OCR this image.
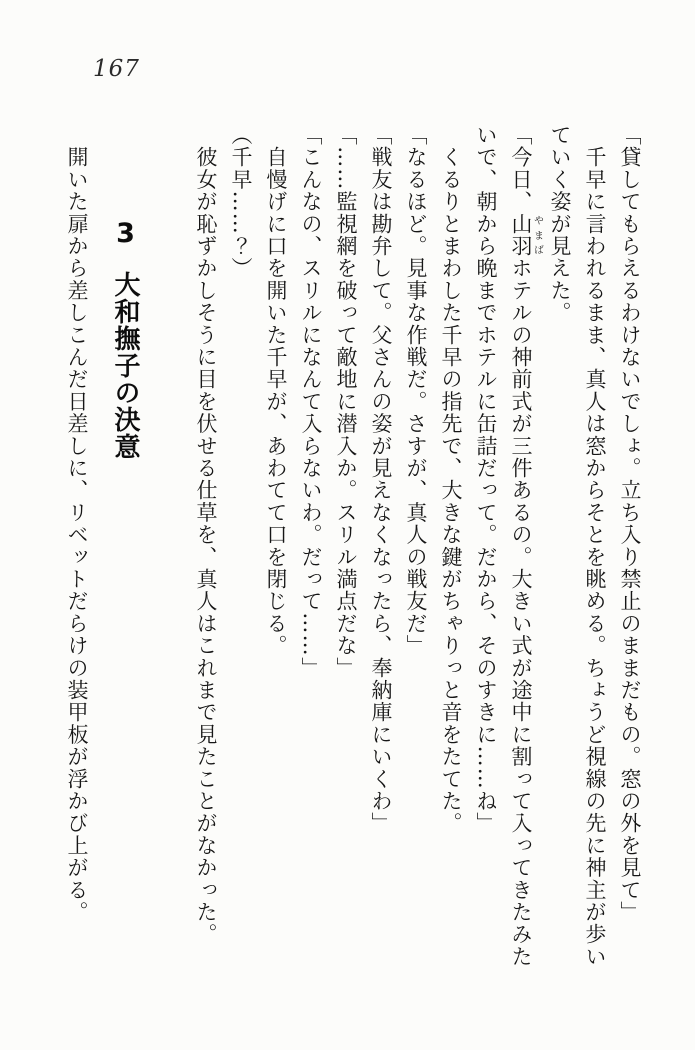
167

「貸してもらえるわけないでしょ。立ち入り禁止のままだもの。窓の外を見て」

　千早に言われるまま、真人は窓からそとを眺める。ちょうど視線の先に神主が歩い
ていく姿が見えた。

「今日、山羽やまばホテルの神前式が三件あるの。大きい式が途中に割って入ってきたみた
いで、朝から晩までホテルに缶詰だって。だから、そのすきに……ね」

　くるりとまわした千早の指先で、大きな鍵がちゃりっと音をたてた。

「なるほど。見事な作戦だ。さすが、真人の戦友だ」

「戦友は勘弁して。父さんの姿が見えなくなったら、奉納庫にいくわ」

「……監視網を破って敵地に潜入か。スリル満点だな」

「こんなの、スリルになんて入らないわ。だって……」

　自慢げに口を開いた千早が、あわてて口を閉じる。

（千早……？）

　彼女が恥ずかしそうに目を伏せる仕草を、真人はこれまで見たことがなかった。

3大和撫子の決意

　開いた扉から差しこんだ日差しに、リベットだらけの装甲板が浮かび上がる。
